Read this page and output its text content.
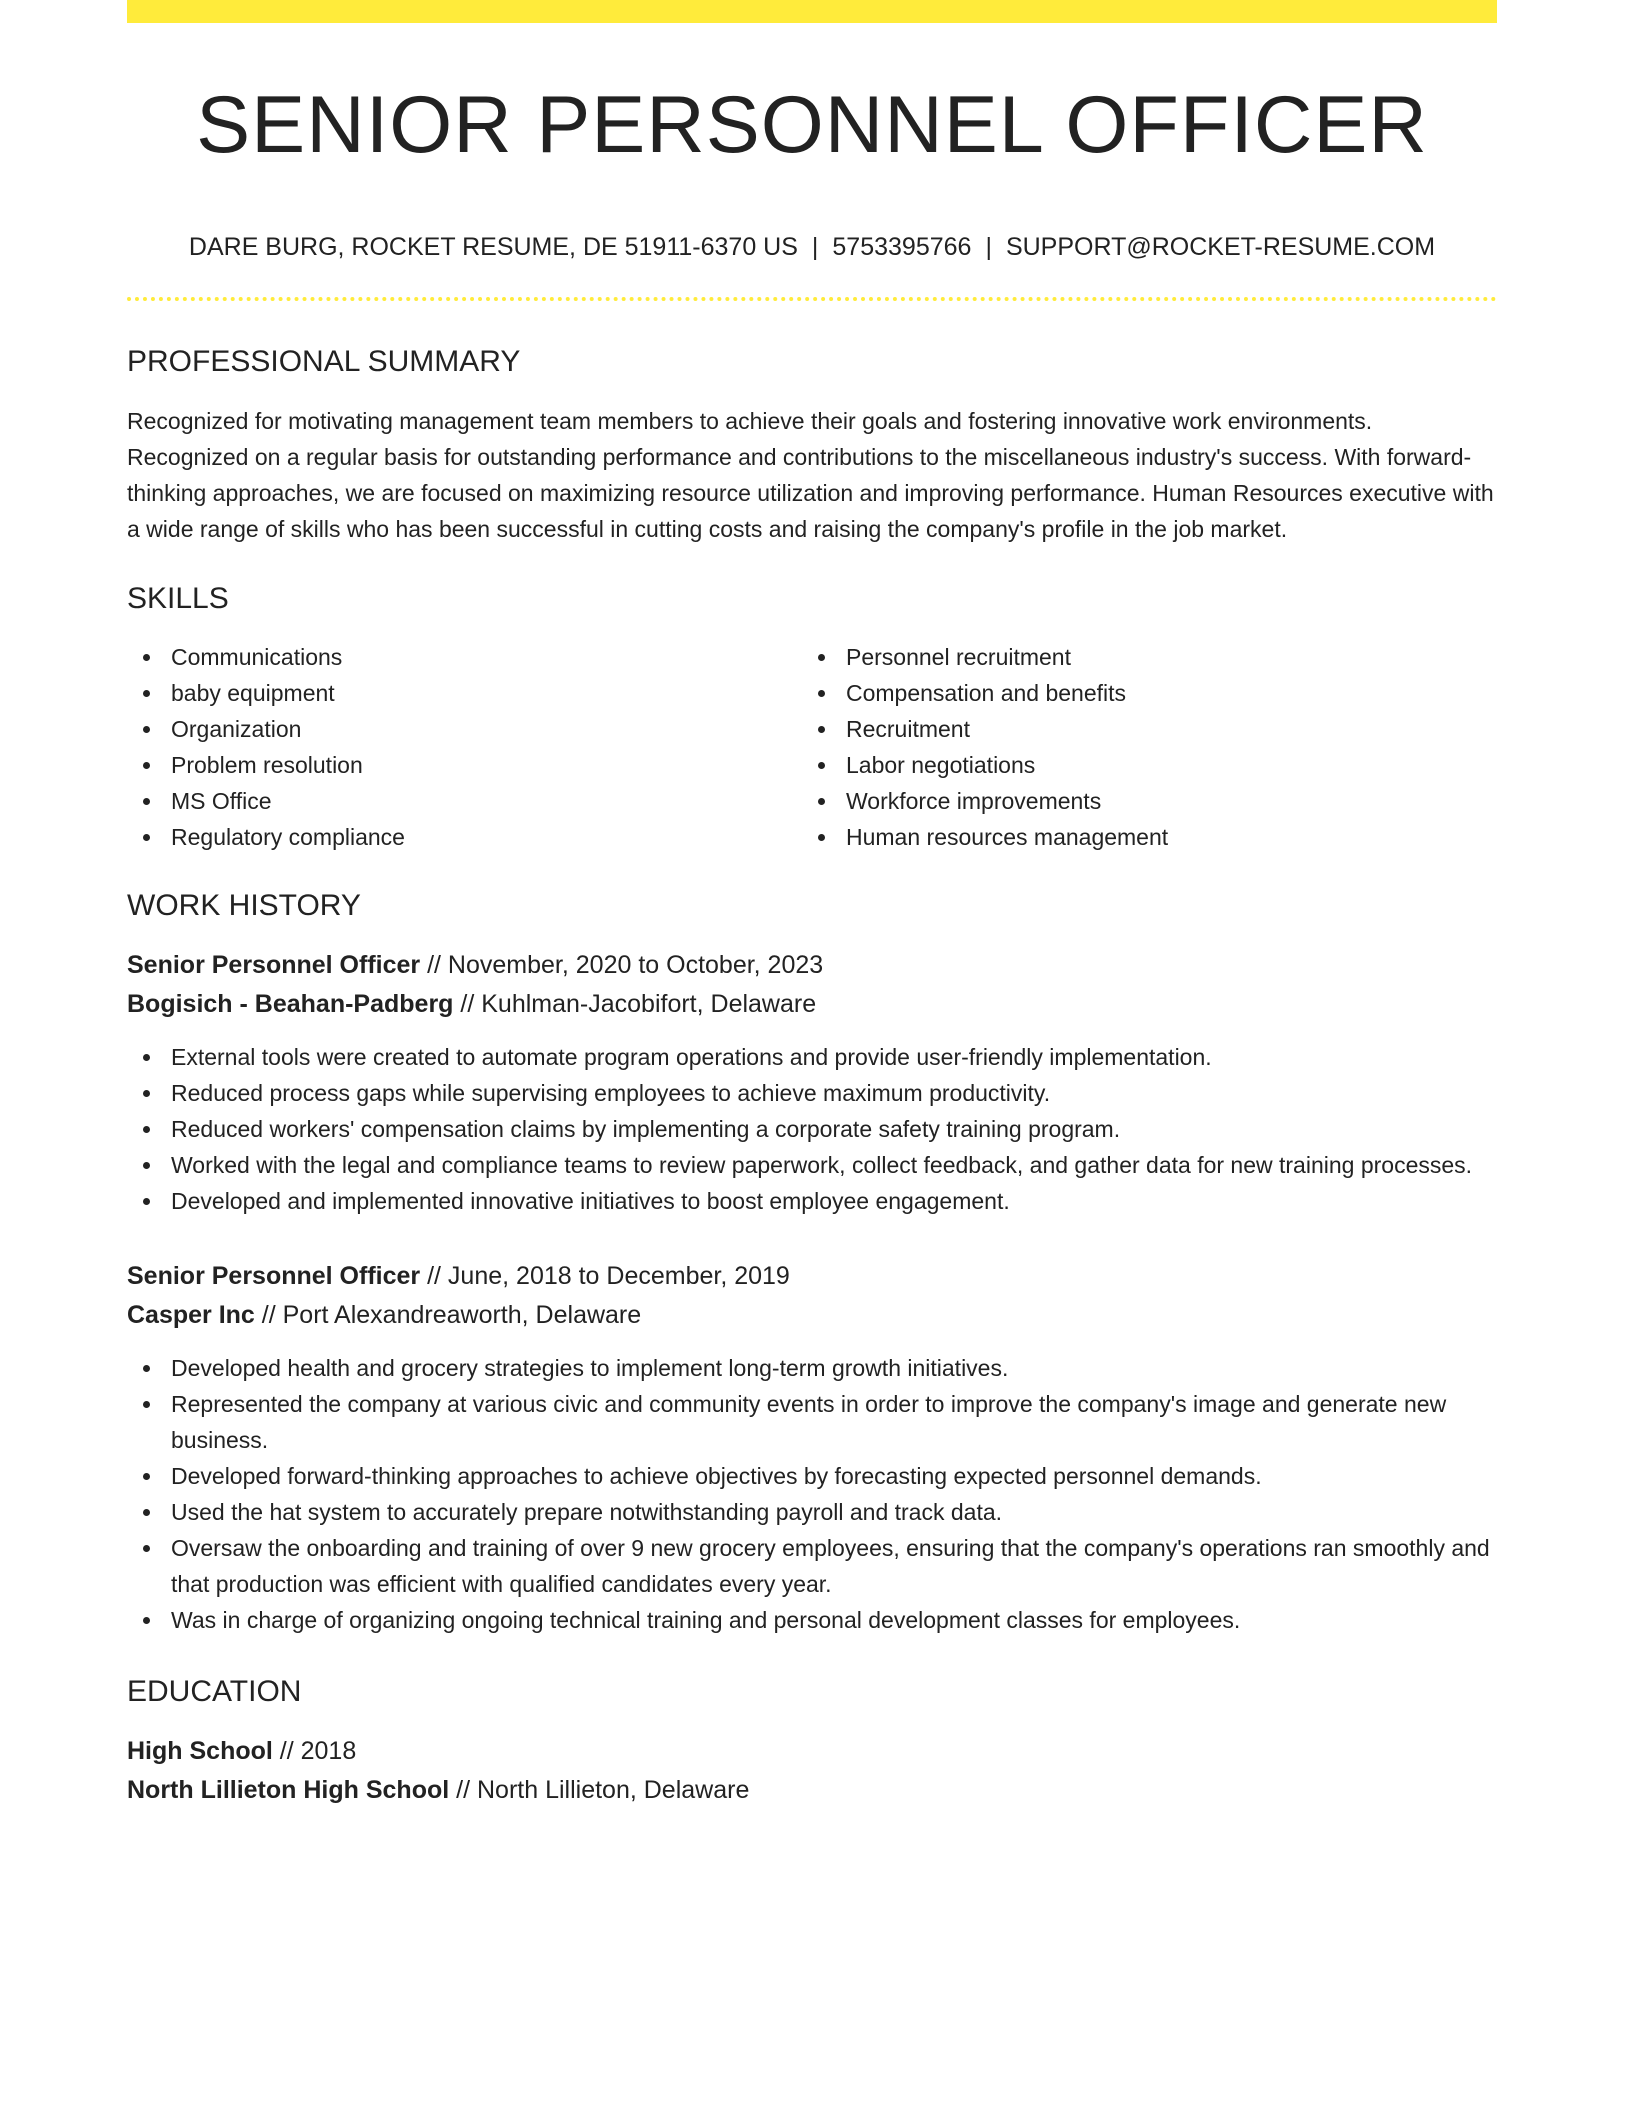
SENIOR PERSONNEL OFFICER
DARE BURG, ROCKET RESUME, DE 51911-6370 US | 5753395766 | SUPPORT@ROCKET-RESUME.COM
PROFESSIONAL SUMMARY
Recognized for motivating management team members to achieve their goals and fostering innovative work environments. Recognized on a regular basis for outstanding performance and contributions to the miscellaneous industry's success. With forward-thinking approaches, we are focused on maximizing resource utilization and improving performance. Human Resources executive with a wide range of skills who has been successful in cutting costs and raising the company's profile in the job market.
SKILLS
Communications
baby equipment
Organization
Problem resolution
MS Office
Regulatory compliance
Personnel recruitment
Compensation and benefits
Recruitment
Labor negotiations
Workforce improvements
Human resources management
WORK HISTORY
Senior Personnel Officer // November, 2020 to October, 2023
Bogisich - Beahan-Padberg // Kuhlman-Jacobifort, Delaware
External tools were created to automate program operations and provide user-friendly implementation.
Reduced process gaps while supervising employees to achieve maximum productivity.
Reduced workers' compensation claims by implementing a corporate safety training program.
Worked with the legal and compliance teams to review paperwork, collect feedback, and gather data for new training processes.
Developed and implemented innovative initiatives to boost employee engagement.
Senior Personnel Officer // June, 2018 to December, 2019
Casper Inc // Port Alexandreaworth, Delaware
Developed health and grocery strategies to implement long-term growth initiatives.
Represented the company at various civic and community events in order to improve the company's image and generate new business.
Developed forward-thinking approaches to achieve objectives by forecasting expected personnel demands.
Used the hat system to accurately prepare notwithstanding payroll and track data.
Oversaw the onboarding and training of over 9 new grocery employees, ensuring that the company's operations ran smoothly and that production was efficient with qualified candidates every year.
Was in charge of organizing ongoing technical training and personal development classes for employees.
EDUCATION
High School // 2018
North Lillieton High School // North Lillieton, Delaware
